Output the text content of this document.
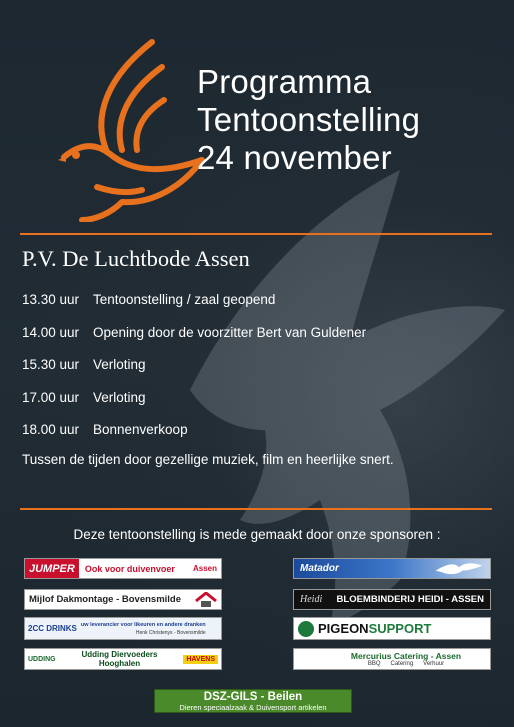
Programma
Tentoonstelling
24 november
P.V. De Luchtbode Assen
13.30 uur Tentoonstelling / zaal geopend
14.00 uur Opening door de voorzitter Bert van Guldener
15.30 uur Verloting
17.00 uur Verloting
18.00 uur Bonnenverkoop
Tussen de tijden door gezellige muziek, film en heerlijke snert.
Deze tentoonstelling is mede gemaakt door onze sponsoren :
JUMPER	Ook voor duivenvoer Assen
Mijlof Dakmontage - Bovensmilde
2CC DRINKS uw leverancier voor likeuren en andere dranken
Henk Christenys - Bovensmilde
UDDING	Udding Diervoeders
Hooghalen	HAVENS
Matador
Heidi BLOEMBINDERIJ HEIDI - ASSEN
PIGEON SUPPORT
Mercurius Catering - Assen
BBQ      Catering      Verhuur
DSZ-GILS - Beilen
Dieren speciaalzaak & Duivensport artikelen
